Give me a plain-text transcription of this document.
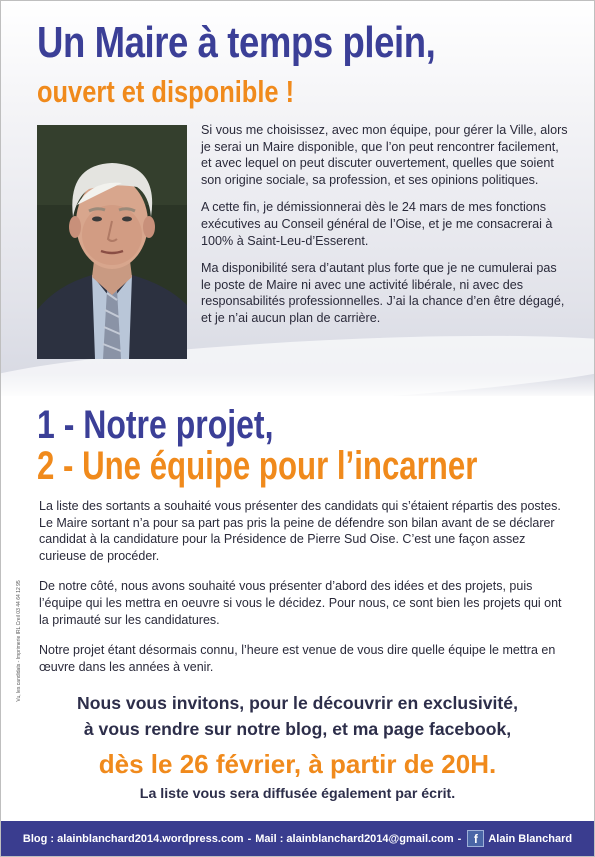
Un Maire à temps plein,
ouvert et disponible !

Si vous me choisissez, avec mon équipe, pour gérer la Ville, alors je serai un Maire disponible, que l’on peut rencontrer facilement, et avec lequel on peut discuter ouvertement, quelles que soient son origine sociale, sa profession, et ses opinions politiques.

A cette fin, je démissionnerai dès le 24 mars de mes fonctions exécutives au Conseil général de l’Oise, et je me consacrerai à 100% à Saint-Leu-d’Esserent.

Ma disponibilité sera d’autant plus forte que je ne cumulerai pas le poste de Maire ni avec une activité libérale, ni avec des responsabilités professionnelles. J’ai la chance d’en être dégagé, et je n’ai aucun plan de carrière.

1 - Notre projet,
2 - Une équipe pour l’incarner
Vu, les candidats - Imprimerie IRL Creil 03 44 64 12 95

La liste des sortants a souhaité vous présenter des candidats qui s’étaient répartis des postes. Le Maire sortant n’a pour sa part pas pris la peine de défendre son bilan avant de se déclarer candidat à la candidature pour la Présidence de Pierre Sud Oise. C’est une façon assez curieuse de procéder.

De notre côté, nous avons souhaité vous présenter d’abord des idées et des projets, puis l’équipe qui les mettra en oeuvre si vous le décidez. Pour nous, ce sont bien les projets qui ont la primauté sur les candidatures.

Notre projet étant désormais connu, l’heure est venue de vous dire quelle équipe le mettra en œuvre dans les années à venir.

Nous vous invitons, pour le découvrir en exclusivité,
à vous rendre sur notre blog, et ma page facebook,
dès le 26 février, à partir de 20H.
La liste vous sera diffusée également par écrit.
Blog : alainblanchard2014.wordpress.com - Mail : alainblanchard2014@gmail.com -	f Alain Blanchard
